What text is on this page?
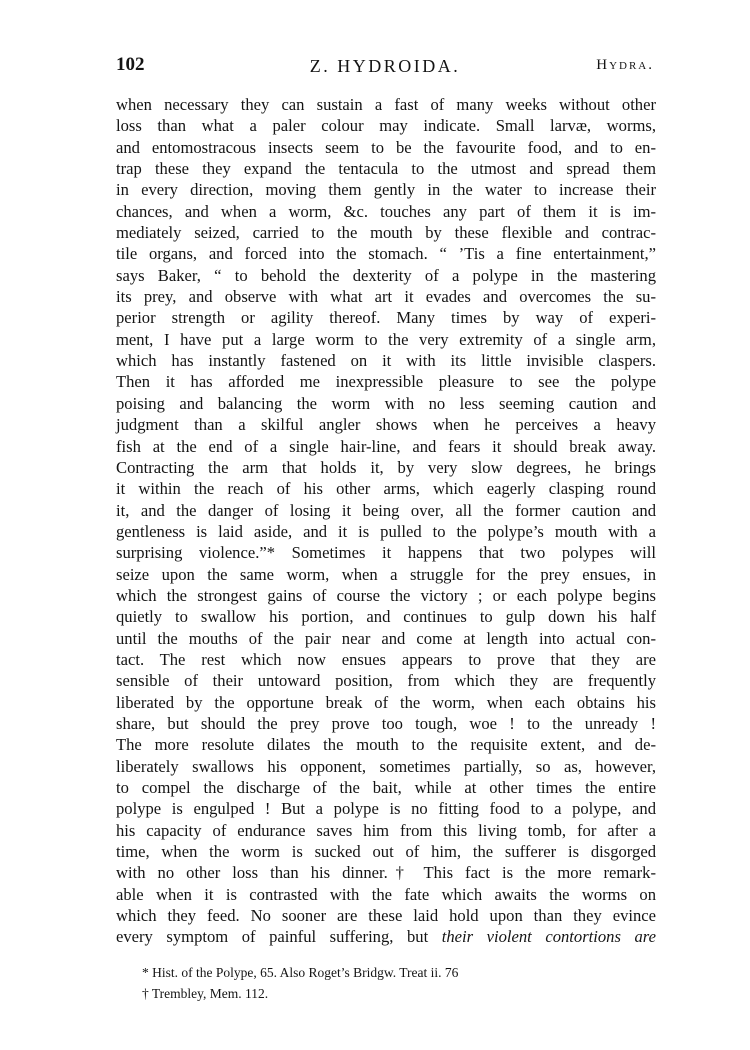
102	Z. HYDROIDA.	Hydra.
when necessary they can sustain a fast of many weeks without other
loss than what a paler colour may indicate. Small larvæ, worms,
and entomostracous insects seem to be the favourite food, and to en-
trap these they expand the tentacula to the utmost and spread them
in every direction, moving them gently in the water to increase their
chances, and when a worm, &c. touches any part of them it is im-
mediately seized, carried to the mouth by these flexible and contrac-
tile organs, and forced into the stomach. “ ’Tis a fine entertainment,”
says Baker, “ to behold the dexterity of a polype in the mastering
its prey, and observe with what art it evades and overcomes the su-
perior strength or agility thereof. Many times by way of experi-
ment, I have put a large worm to the very extremity of a single arm,
which has instantly fastened on it with its little invisible claspers.
Then it has afforded me inexpressible pleasure to see the polype
poising and balancing the worm with no less seeming caution and
judgment than a skilful angler shows when he perceives a heavy
fish at the end of a single hair-line, and fears it should break away.
Contracting the arm that holds it, by very slow degrees, he brings
it within the reach of his other arms, which eagerly clasping round
it, and the danger of losing it being over, all the former caution and
gentleness is laid aside, and it is pulled to the polype’s mouth with a
surprising violence.”* Sometimes it happens that two polypes will
seize upon the same worm, when a struggle for the prey ensues, in
which the strongest gains of course the victory ; or each polype begins
quietly to swallow his portion, and continues to gulp down his half
until the mouths of the pair near and come at length into actual con-
tact. The rest which now ensues appears to prove that they are
sensible of their untoward position, from which they are frequently
liberated by the opportune break of the worm, when each obtains his
share, but should the prey prove too tough, woe ! to the unready !
The more resolute dilates the mouth to the requisite extent, and de-
liberately swallows his opponent, sometimes partially, so as, however,
to compel the discharge of the bait, while at other times the entire
polype is engulped ! But a polype is no fitting food to a polype, and
his capacity of endurance saves him from this living tomb, for after a
time, when the worm is sucked out of him, the sufferer is disgorged
with no other loss than his dinner.† This fact is the more remark-
able when it is contrasted with the fate which awaits the worms on
which they feed. No sooner are these laid hold upon than they evince
every symptom of painful suffering, but their violent contortions are
* Hist. of the Polype, 65. Also Roget’s Bridgw. Treat ii. 76
† Trembley, Mem. 112.
